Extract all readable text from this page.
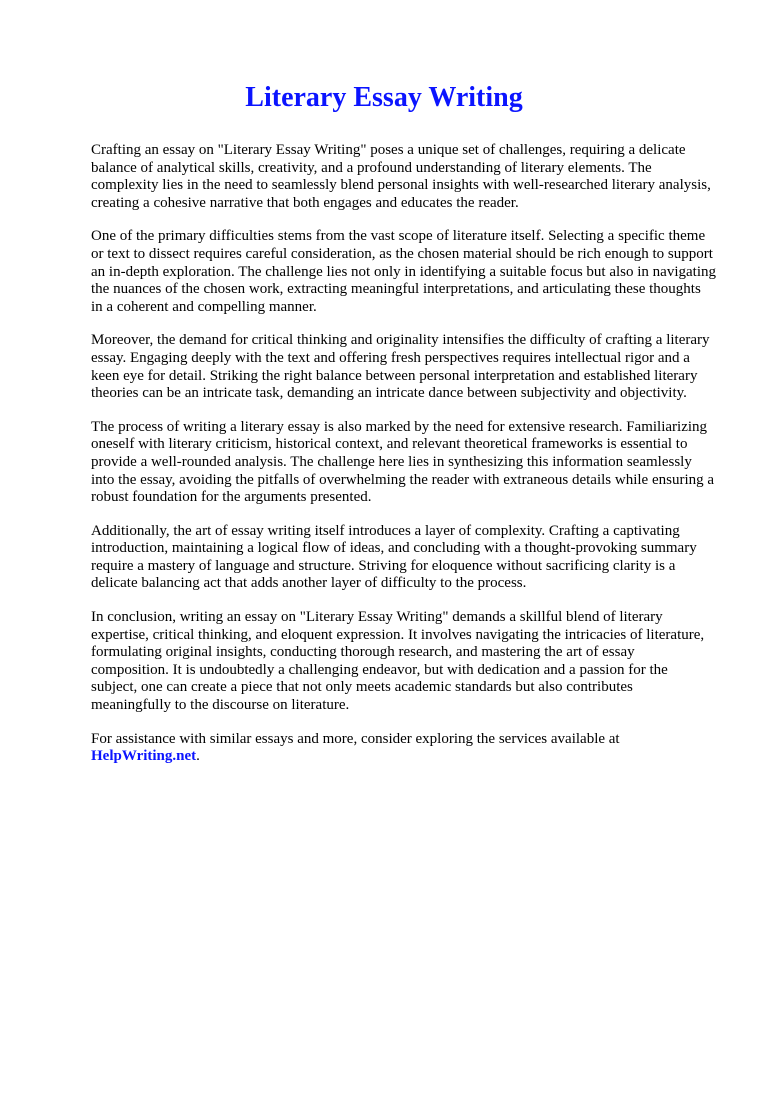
Literary Essay Writing

Crafting an essay on "Literary Essay Writing" poses a unique set of challenges, requiring a delicate balance of analytical skills, creativity, and a profound understanding of literary elements. The complexity lies in the need to seamlessly blend personal insights with well-researched literary analysis, creating a cohesive narrative that both engages and educates the reader.

One of the primary difficulties stems from the vast scope of literature itself. Selecting a specific theme or text to dissect requires careful consideration, as the chosen material should be rich enough to support an in-depth exploration. The challenge lies not only in identifying a suitable focus but also in navigating the nuances of the chosen work, extracting meaningful interpretations, and articulating these thoughts in a coherent and compelling manner.

Moreover, the demand for critical thinking and originality intensifies the difficulty of crafting a literary essay. Engaging deeply with the text and offering fresh perspectives requires intellectual rigor and a keen eye for detail. Striking the right balance between personal interpretation and established literary theories can be an intricate task, demanding an intricate dance between subjectivity and objectivity.

The process of writing a literary essay is also marked by the need for extensive research. Familiarizing oneself with literary criticism, historical context, and relevant theoretical frameworks is essential to provide a well-rounded analysis. The challenge here lies in synthesizing this information seamlessly into the essay, avoiding the pitfalls of overwhelming the reader with extraneous details while ensuring a robust foundation for the arguments presented.

Additionally, the art of essay writing itself introduces a layer of complexity. Crafting a captivating introduction, maintaining a logical flow of ideas, and concluding with a thought-provoking summary require a mastery of language and structure. Striving for eloquence without sacrificing clarity is a delicate balancing act that adds another layer of difficulty to the process.

In conclusion, writing an essay on "Literary Essay Writing" demands a skillful blend of literary expertise, critical thinking, and eloquent expression. It involves navigating the intricacies of literature, formulating original insights, conducting thorough research, and mastering the art of essay composition. It is undoubtedly a challenging endeavor, but with dedication and a passion for the subject, one can create a piece that not only meets academic standards but also contributes meaningfully to the discourse on literature.

For assistance with similar essays and more, consider exploring the services available at
HelpWriting.net.
